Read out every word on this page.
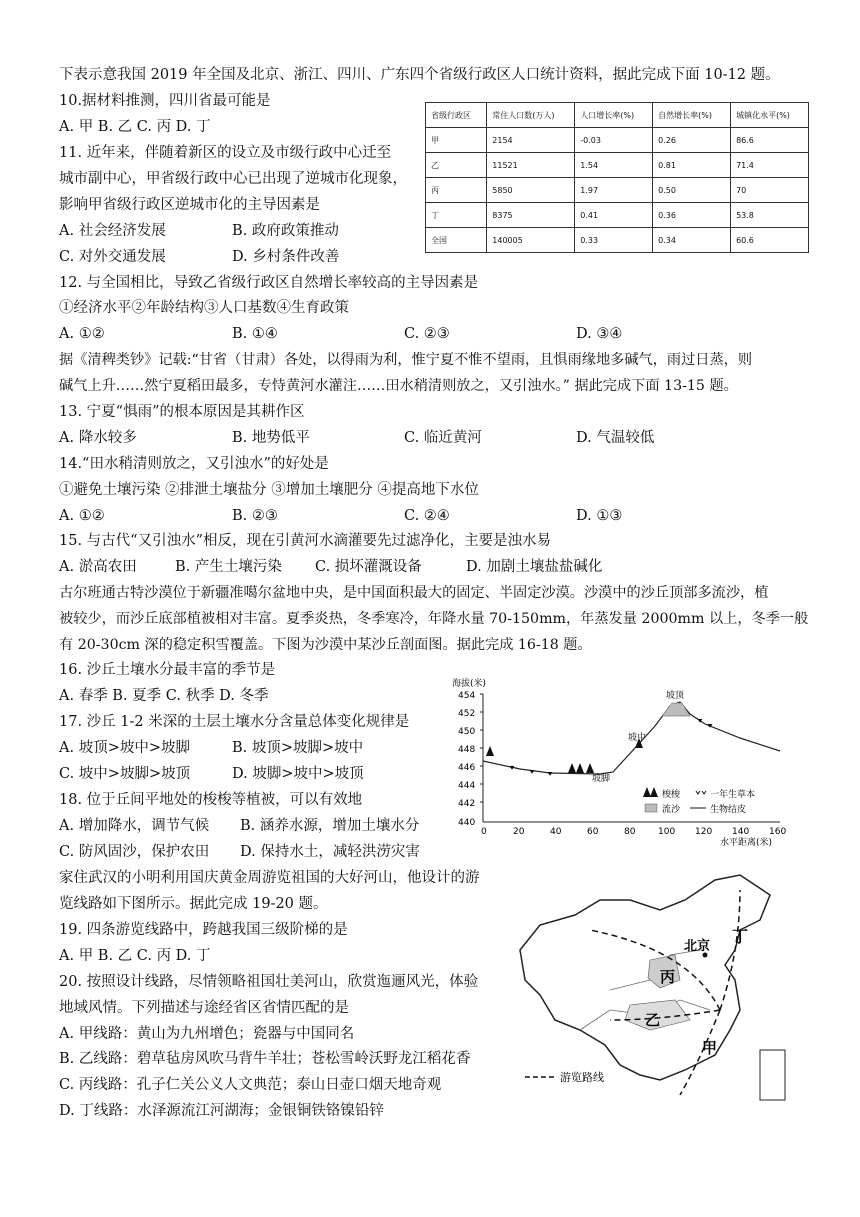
下表示意我国 2019 年全国及北京、浙江、四川、广东四个省级行政区人口统计资料，据此完成下面 10-12 题。
10.据材料推测，四川省最可能是
A. 甲 B. 乙 C. 丙 D. 丁
省级行政区	常住人口数(万人)	人口增长率(%)	自然增长率(%)	城镇化水平(%)
甲	2154	-0.03	0.26	86.6
乙	11521	1.54	0.81	71.4
丙	5850	1.97	0.50	70
丁	8375	0.41	0.36	53.8
全国	140005	0.33	0.34	60.6
11. 近年来，伴随着新区的设立及市级行政中心迁至
城市副中心，甲省级行政中心已出现了逆城市化现象，
影响甲省级行政区逆城市化的主导因素是
A. 社会经济发展	B. 政府政策推动
C. 对外交通发展	D. 乡村条件改善
12. 与全国相比，导致乙省级行政区自然增长率较高的主导因素是
①经济水平②年龄结构③人口基数④生育政策
A. ①②	B. ①④	C. ②③	D. ③④
据《清稗类钞》记载:“甘省（甘肃）各处，以得雨为利，惟宁夏不惟不望雨，且惧雨缘地多碱气，雨过日蒸，则
碱气上升……然宁夏稻田最多，专恃黄河水灌注……田水稍清则放之，又引浊水。” 据此完成下面 13-15 题。
13. 宁夏“惧雨”的根本原因是其耕作区
A. 降水较多	B. 地势低平	C. 临近黄河	D. 气温较低
14.“田水稍清则放之，又引浊水”的好处是
①避免土壤污染 ②排泄土壤盐分 ③增加土壤肥分 ④提高地下水位
A. ①②	B. ②③	C. ②④	D. ①③
15. 与古代“又引浊水”相反，现在引黄河水滴灌要先过滤净化，主要是浊水易
A. 淤高农田	B. 产生土壤污染 C. 损坏灌溉设备	D. 加剧土壤盐盐碱化
古尔班通古特沙漠位于新疆准噶尔盆地中央，是中国面积最大的固定、半固定沙漠。沙漠中的沙丘顶部多流沙，植
被较少，而沙丘底部植被相对丰富。夏季炎热，冬季寒冷，年降水量 70-150mm，年蒸发量 2000mm 以上，冬季一般
有 20-30cm 深的稳定积雪覆盖。下图为沙漠中某沙丘剖面图。据此完成 16-18 题。
16. 沙丘土壤水分最丰富的季节是
A. 春季 B. 夏季 C. 秋季 D. 冬季
17. 沙丘 1-2 米深的土层土壤水分含量总体变化规律是
A. 坡顶>坡中>坡脚	B. 坡顶>坡脚>坡中
C. 坡中>坡脚>坡顶	D. 坡脚>坡中>坡顶
18. 位于丘间平地处的梭梭等植被，可以有效地
A. 增加降水，调节气候 B. 涵养水源，增加土壤水分
C. 防风固沙，保护农田 D. 保持水土，减轻洪涝灾害
家住武汉的小明利用国庆黄金周游览祖国的大好河山，他设计的游
览线路如下图所示。据此完成 19-20 题。
19. 四条游览线路中，跨越我国三级阶梯的是
A. 甲 B. 乙 C. 丙 D. 丁
20. 按照设计线路，尽情领略祖国壮美河山，欣赏迤逦风光，体验
地域风情。下列描述与途经省区省情匹配的是
A. 甲线路：黄山为九州增色；瓷器与中国同名
B. 乙线路：碧草毡房风吹马背牛羊壮；苍松雪岭沃野龙江稻花香
C. 丙线路：孔子仁关公义人文典范；泰山日壶口烟天地奇观
D. 丁线路：水泽源流江河湖海；金银铜铁铬镍铅锌
海拔(米)
水平距离(米)
454
452
450
448
446
444
442
440
0	20	40	60	80	100 120 140 160
坡顶
坡中
坡脚
梭梭	一年生草本
流沙	生物结皮
北京
丁
丙
乙
甲
游览路线
